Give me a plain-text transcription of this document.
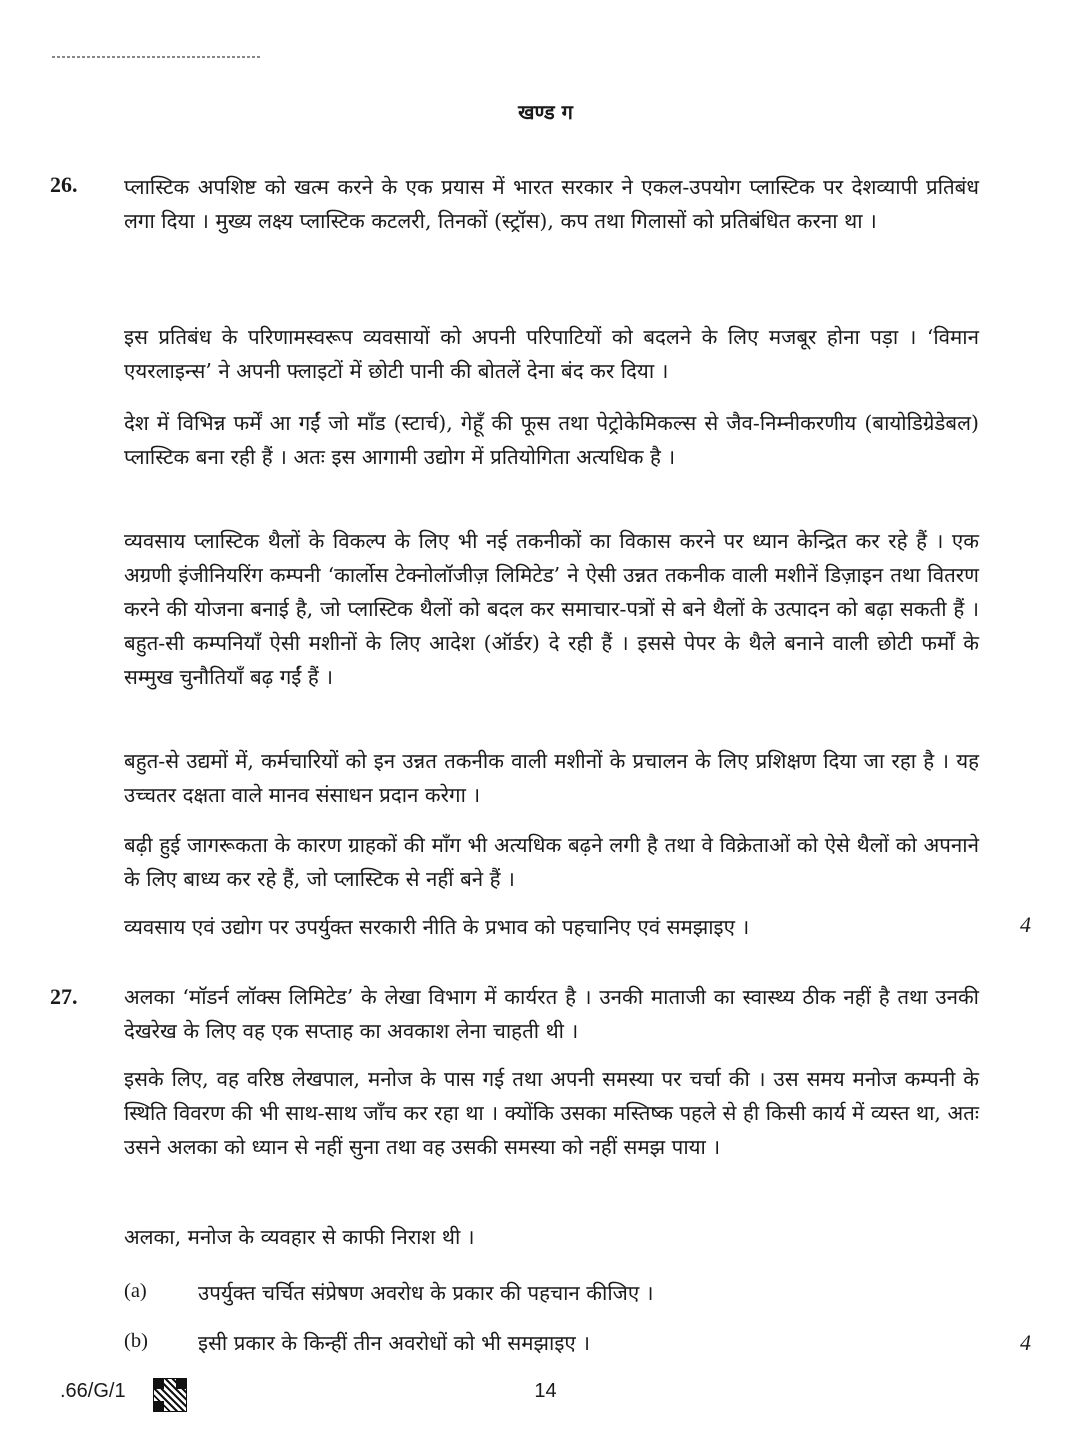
खण्ड ग
26. प्लास्टिक अपशिष्ट को खत्म करने के एक प्रयास में भारत सरकार ने एकल-उपयोग प्लास्टिक पर देशव्यापी प्रतिबंध लगा दिया । मुख्य लक्ष्य प्लास्टिक कटलरी, तिनकों (स्ट्रॉस), कप तथा गिलासों को प्रतिबंधित करना था ।
इस प्रतिबंध के परिणामस्वरूप व्यवसायों को अपनी परिपाटियों को बदलने के लिए मजबूर होना पड़ा । ‘विमान एयरलाइन्स’ ने अपनी फ्लाइटों में छोटी पानी की बोतलें देना बंद कर दिया ।
देश में विभिन्न फर्में आ गईं जो माँड (स्टार्च), गेहूँ की फूस तथा पेट्रोकेमिकल्स से जैव-निम्नीकरणीय (बायोडिग्रेडेबल) प्लास्टिक बना रही हैं । अतः इस आगामी उद्योग में प्रतियोगिता अत्यधिक है ।
व्यवसाय प्लास्टिक थैलों के विकल्प के लिए भी नई तकनीकों का विकास करने पर ध्यान केन्द्रित कर रहे हैं । एक अग्रणी इंजीनियरिंग कम्पनी ‘कार्लोस टेक्नोलॉजीज़ लिमिटेड’ ने ऐसी उन्नत तकनीक वाली मशीनें डिज़ाइन तथा वितरण करने की योजना बनाई है, जो प्लास्टिक थैलों को बदल कर समाचार-पत्रों से बने थैलों के उत्पादन को बढ़ा सकती हैं । बहुत-सी कम्पनियाँ ऐसी मशीनों के लिए आदेश (ऑर्डर) दे रही हैं । इससे पेपर के थैले बनाने वाली छोटी फर्मों के सम्मुख चुनौतियाँ बढ़ गईं हैं ।
बहुत-से उद्यमों में, कर्मचारियों को इन उन्नत तकनीक वाली मशीनों के प्रचालन के लिए प्रशिक्षण दिया जा रहा है । यह उच्चतर दक्षता वाले मानव संसाधन प्रदान करेगा ।
बढ़ी हुई जागरूकता के कारण ग्राहकों की माँग भी अत्यधिक बढ़ने लगी है तथा वे विक्रेताओं को ऐसे थैलों को अपनाने के लिए बाध्य कर रहे हैं, जो प्लास्टिक से नहीं बने हैं ।
व्यवसाय एवं उद्योग पर उपर्युक्त सरकारी नीति के प्रभाव को पहचानिए एवं समझाइए ।	4
27. अलका ‘मॉडर्न लॉक्स लिमिटेड’ के लेखा विभाग में कार्यरत है । उनकी माताजी का स्वास्थ्य ठीक नहीं है तथा उनकी देखरेख के लिए वह एक सप्ताह का अवकाश लेना चाहती थी ।
इसके लिए, वह वरिष्ठ लेखपाल, मनोज के पास गई तथा अपनी समस्या पर चर्चा की । उस समय मनोज कम्पनी के स्थिति विवरण की भी साथ-साथ जाँच कर रहा था । क्योंकि उसका मस्तिष्क पहले से ही किसी कार्य में व्यस्त था, अतः उसने अलका को ध्यान से नहीं सुना तथा वह उसकी समस्या को नहीं समझ पाया ।
अलका, मनोज के व्यवहार से काफी निराश थी ।
(a) उपर्युक्त चर्चित संप्रेषण अवरोध के प्रकार की पहचान कीजिए ।
(b) इसी प्रकार के किन्हीं तीन अवरोधों को भी समझाइए ।	4
.66/G/1	14
